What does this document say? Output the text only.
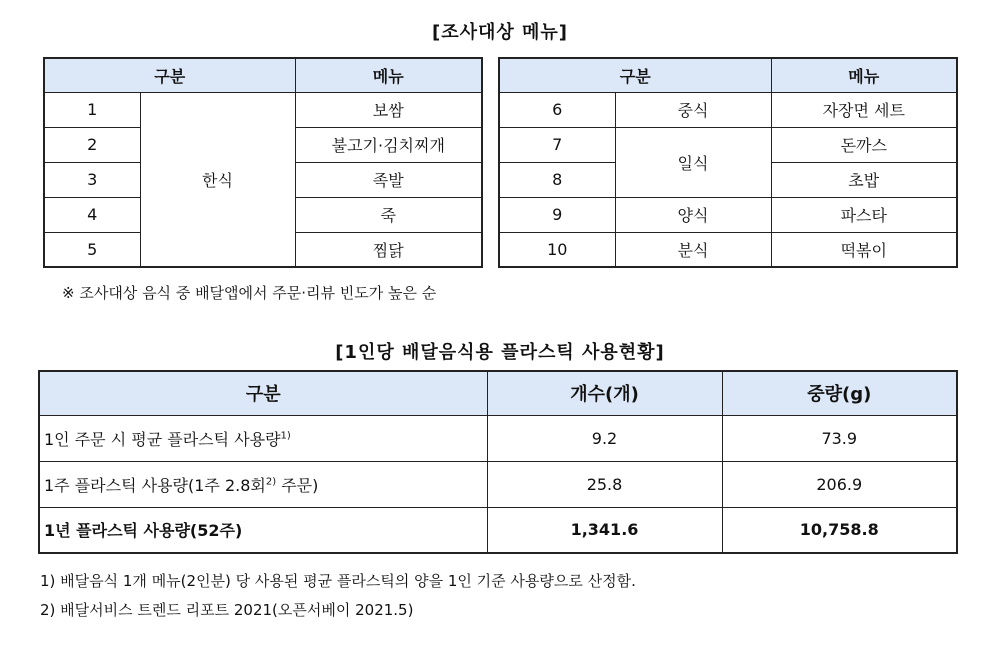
[조사대상 메뉴]
구분		메뉴
1	한식	보쌈
2		불고기·김치찌개
3		족발
4		죽
5		찜닭
구분		메뉴
6	중식	자장면 세트
7	일식	돈까스
8		초밥
9	양식	파스타
10	분식	떡볶이
※ 조사대상 음식 중 배달앱에서 주문·리뷰 빈도가 높은 순
[1인당 배달음식용 플라스틱 사용현황]
구분	개수(개)	중량(g)
1인 주문 시 평균 플라스틱 사용량$^{1)}$	9.2	73.9
1주 플라스틱 사용량(1주 2.8회$^{2)}$ 주문)	25.8	206.9
1년 플라스틱 사용량(52주)	1,341.6	10,758.8
1) 배달음식 1개 메뉴(2인분) 당 사용된 평균 플라스틱의 양을 1인 기준 사용량으로 산정함.
2) 배달서비스 트렌드 리포트 2021(오픈서베이 2021.5)
